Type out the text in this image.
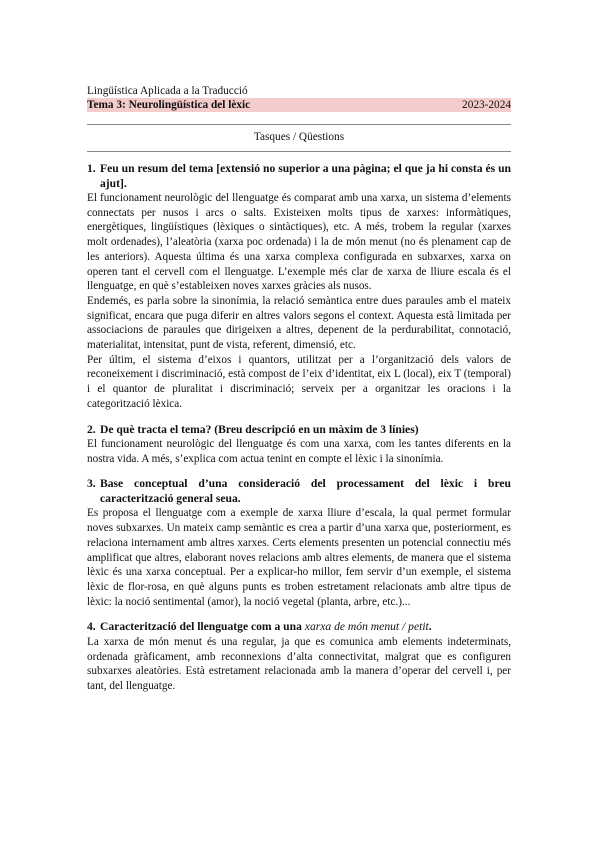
Lingüística Aplicada a la Traducció
Tema 3: Neurolingüística del lèxic	2023-2024
Tasques / Qüestions
1. Feu un resum del tema [extensió no superior a una pàgina; el que ja hi consta és un ajut].

El funcionament neurològic del llenguatge és comparat amb una xarxa, un sistema d’elements connectats per nusos i arcs o salts. Existeixen molts tipus de xarxes: informàtiques, energètiques, lingüístiques (lèxiques o sintàctiques), etc. A més, trobem la regular (xarxes molt ordenades), l’aleatòria (xarxa poc ordenada) i la de món menut (no és plenament cap de les anteriors). Aquesta última és una xarxa complexa configurada en subxarxes, xarxa on operen tant el cervell com el llenguatge. L’exemple més clar de xarxa de lliure escala és el llenguatge, en què s’estableixen noves xarxes gràcies als nusos.

Endemés, es parla sobre la sinonímia, la relació semàntica entre dues paraules amb el mateix significat, encara que puga diferir en altres valors segons el context. Aquesta està limitada per associacions de paraules que dirigeixen a altres, depenent de la perdurabilitat, connotació, materialitat, intensitat, punt de vista, referent, dimensió, etc.

Per últim, el sistema d’eixos i quantors, utilitzat per a l’organització dels valors de reconeixement i discriminació, està compost de l’eix d’identitat, eix L (local), eix T (temporal) i el quantor de pluralitat i discriminació; serveix per a organitzar les oracions i la categorització lèxica.

2. De què tracta el tema? (Breu descripció en un màxim de 3 línies)

El funcionament neurològic del llenguatge és com una xarxa, com les tantes diferents en la nostra vida. A més, s’explica com actua tenint en compte el lèxic i la sinonímia.

3. Base conceptual d’una consideració del processament del lèxic i breu caracterització general seua.

Es proposa el llenguatge com a exemple de xarxa lliure d’escala, la qual permet formular noves subxarxes. Un mateix camp semàntic es crea a partir d’una xarxa que, posteriorment, es relaciona internament amb altres xarxes. Certs elements presenten un potencial connectiu més amplificat que altres, elaborant noves relacions amb altres elements, de manera que el sistema lèxic és una xarxa conceptual. Per a explicar-ho millor, fem servir d’un exemple, el sistema lèxic de flor-rosa, en què alguns punts es troben estretament relacionats amb altre tipus de lèxic: la noció sentimental (amor), la noció vegetal (planta, arbre, etc.)...

4. Caracterització del llenguatge com a una xarxa de món menut / petit.

La xarxa de món menut és una regular, ja que es comunica amb elements indeterminats, ordenada gràficament, amb reconnexions d’alta connectivitat, malgrat que es configuren subxarxes aleatòries. Està estretament relacionada amb la manera d’operar del cervell i, per tant, del llenguatge.
